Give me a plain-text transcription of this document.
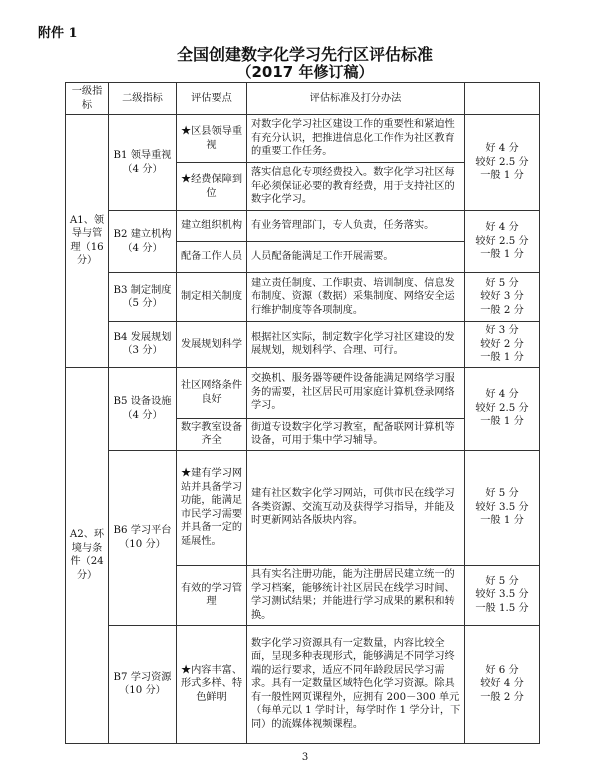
附件 1
全国创建数字化学习先行区评估标准
（2017 年修订稿）
一级指标	二级指标	评估要点	评估标准及打分办法	
A1、领导与管理（16 分）	B1 领导重视（4 分）	★区县领导重视	对数字化学习社区建设工作的重要性和紧迫性有充分认识，把推进信息化工作作为社区教育的重要工作任务。	好 4 分
较好 2.5 分
一般 1 分
		★经费保障到位	落实信息化专项经费投入。数字化学习社区每年必须保证必要的教育经费，用于支持社区的数字化学习。	
	B2 建立机构（4 分）	建立组织机构	有业务管理部门，专人负责，任务落实。	好 4 分
较好 2.5 分
一般 1 分
		配备工作人员	人员配备能满足工作开展需要。	
	B3 制定制度（5 分）	制定相关制度	建立责任制度、工作职责、培训制度、信息发布制度、资源（数据）采集制度、网络安全运行维护制度等各项制度。	好 5 分
较好 3 分
一般 2 分
	B4 发展规划（3 分）	发展规划科学	根据社区实际，制定数字化学习社区建设的发展规划，规划科学、合理、可行。	好 3 分
较好 2 分
一般 1 分
A2、环境与条件（24 分）	B5 设备设施（4 分）	社区网络条件良好	交换机、服务器等硬件设备能满足网络学习服务的需要，社区居民可用家庭计算机登录网络学习。	好 4 分
较好 2.5 分
一般 1 分
		数字教室设备齐全	街道专设数字化学习教室，配备联网计算机等设备，可用于集中学习辅导。	
	B6 学习平台（10 分）	★建有学习网站并具备学习功能，能满足市民学习需要并具备一定的延展性。	建有社区数字化学习网站，可供市民在线学习各类资源、交流互动及获得学习指导，并能及时更新网站各版块内容。	好 5 分
较好 3.5 分
一般 1 分
		有效的学习管理	具有实名注册功能，能为注册居民建立统一的学习档案，能够统计社区居民在线学习时间、学习测试结果；并能进行学习成果的累积和转换。	好 5 分
较好 3.5 分
一般 1.5 分
	B7 学习资源（10 分）	★内容丰富、形式多样、特色鲜明	数字化学习资源具有一定数量，内容比较全面，呈现多种表现形式，能够满足不同学习终端的运行要求，适应不同年龄段居民学习需求。具有一定数量区域特色化学习资源。除具有一般性网页课程外，应拥有 200－300 单元（每单元以 1 学时计，每学时作 1 学分计，下同）的流媒体视频课程。	好 6 分
较好 4 分
一般 2 分
3
